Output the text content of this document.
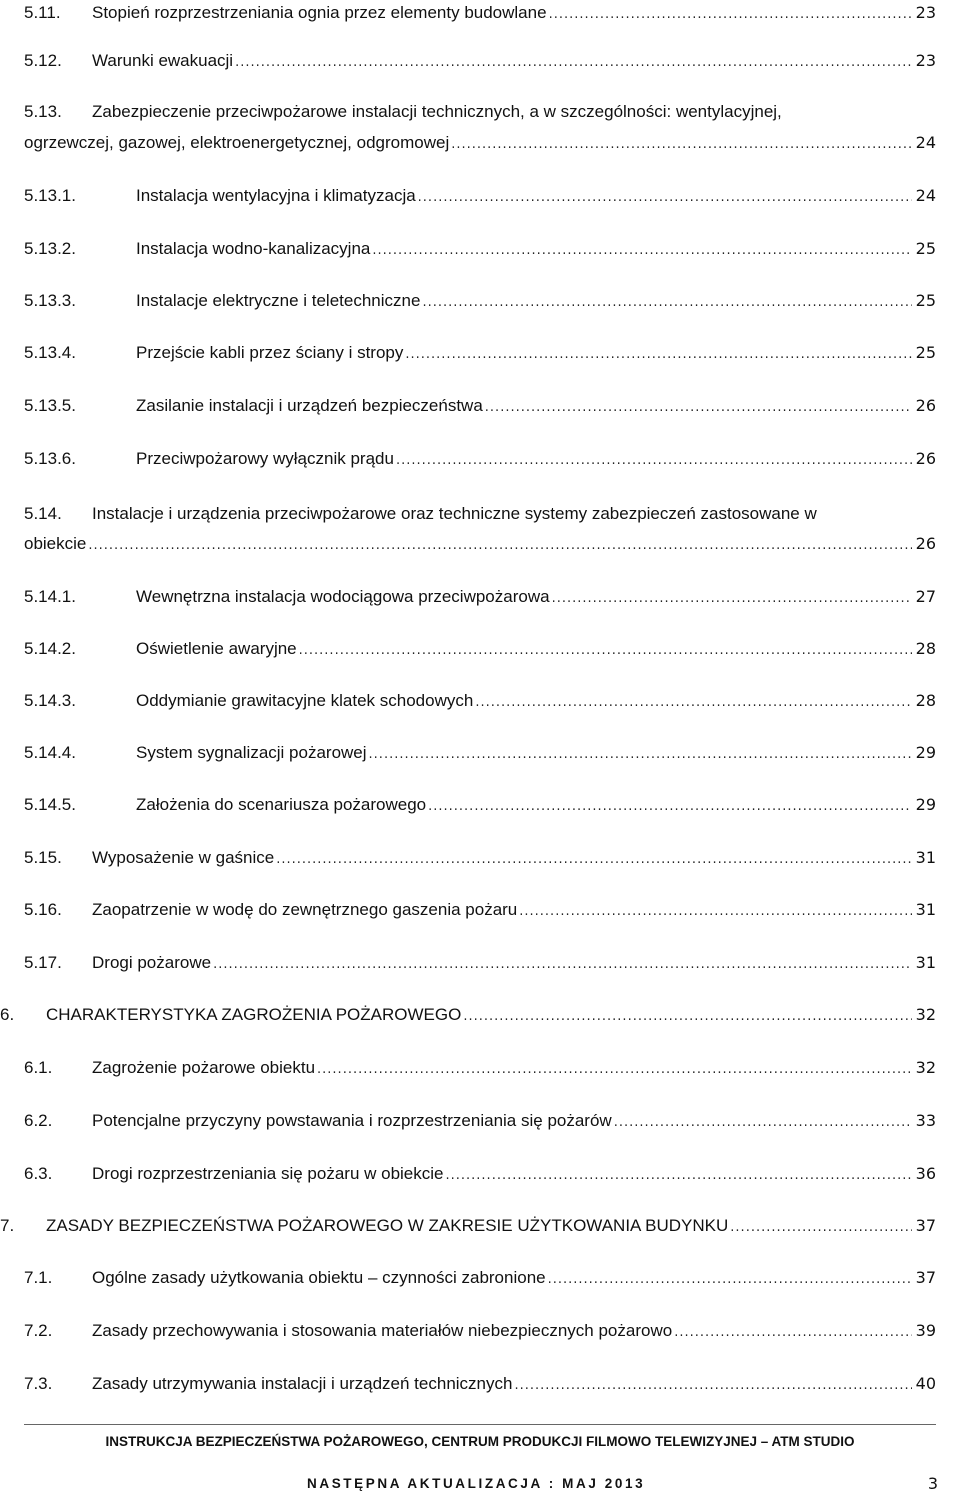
5.11. Stopień rozprzestrzeniania ognia przez elementy budowlane .....	23
5.12. Warunki ewakuacji .....	23
5.13. Zabezpieczenie przeciwpożarowe instalacji technicznych, a w szczególności: wentylacyjnej,
ogrzewczej, gazowej, elektroenergetycznej, odgromowej .....	24
5.13.1.	Instalacja wentylacyjna i klimatyzacja .....	24
5.13.2.	Instalacja wodno-kanalizacyjna .....	25
5.13.3.	Instalacje elektryczne i teletechniczne .....	25
5.13.4.	Przejście kabli przez ściany i stropy .....	25
5.13.5.	Zasilanie instalacji i urządzeń bezpieczeństwa .....	26
5.13.6.	Przeciwpożarowy wyłącznik prądu .....	26
5.14. Instalacje i urządzenia przeciwpożarowe oraz techniczne systemy zabezpieczeń zastosowane w
obiekcie .....	26
5.14.1.	Wewnętrzna instalacja wodociągowa przeciwpożarowa .....	27
5.14.2.	Oświetlenie awaryjne .....	28
5.14.3.	Oddymianie grawitacyjne klatek schodowych .....	28
5.14.4.	System sygnalizacji pożarowej .....	29
5.14.5.	Założenia do scenariusza pożarowego .....	29
5.15. Wyposażenie w gaśnice .....	31
5.16. Zaopatrzenie w wodę do zewnętrznego gaszenia pożaru .....	31
5.17. Drogi pożarowe .....	31
6. CHARAKTERYSTYKA ZAGROŻENIA POŻAROWEGO .....	32
6.1. Zagrożenie pożarowe obiektu .....	32
6.2. Potencjalne przyczyny powstawania i rozprzestrzeniania się pożarów .....	33
6.3. Drogi rozprzestrzeniania się pożaru w obiekcie .....	36
7. ZASADY BEZPIECZEŃSTWA POŻAROWEGO W ZAKRESIE UŻYTKOWANIA BUDYNKU .....	37
7.1. Ogólne zasady użytkowania obiektu – czynności zabronione .....	37
7.2. Zasady przechowywania i stosowania materiałów niebezpiecznych pożarowo .....	39
7.3. Zasady utrzymywania instalacji i urządzeń technicznych .....	40
INSTRUKCJA BEZPIECZEŃSTWA POŻAROWEGO, CENTRUM PRODUKCJI FILMOWO TELEWIZYJNEJ – ATM STUDIO
NASTĘPNA AKTUALIZACJA : MAJ 2013	3
